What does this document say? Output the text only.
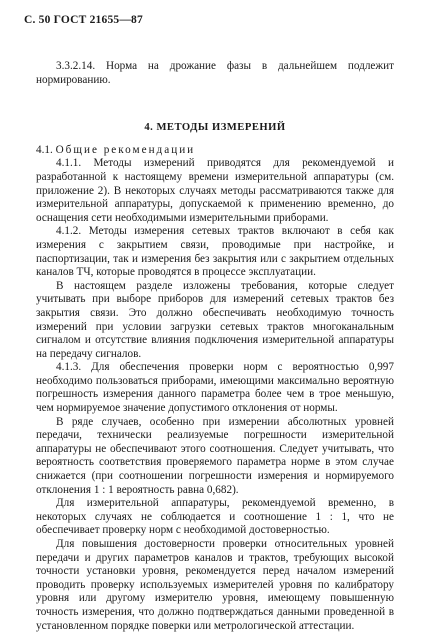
С. 50 ГОСТ 21655—87

3.3.2.14. Норма на дрожание фазы в дальнейшем подлежит нормированию.

4. МЕТОДЫ ИЗМЕРЕНИЙ

4.1. Общие рекомендации

4.1.1. Методы измерений приводятся для рекомендуемой и разработанной к настоящему времени измерительной аппаратуры (см. приложение 2). В некоторых случаях методы рассматриваются также для измерительной аппаратуры, допускаемой к применению временно, до оснащения сети необходимыми измерительными приборами.

4.1.2. Методы измерения сетевых трактов включают в себя как измерения с закрытием связи, проводимые при настройке, и паспортизации, так и измерения без закрытия или с закрытием отдельных каналов ТЧ, которые проводятся в процессе эксплуатации.

В настоящем разделе изложены требования, которые следует учитывать при выборе приборов для измерений сетевых трактов без закрытия связи. Это должно обеспечивать необходимую точность измерений при условии загрузки сетевых трактов многоканальным сигналом и отсутствие влияния подключения измерительной аппаратуры на передачу сигналов.

4.1.3. Для обеспечения проверки норм с вероятностью 0,997 необходимо пользоваться приборами, имеющими максимально вероятную погрешность измерения данного параметра более чем в трое меньшую, чем нормируемое значение допустимого отклонения от нормы.

В ряде случаев, особенно при измерении абсолютных уровней передачи, технически реализуемые погрешности измерительной аппаратуры не обеспечивают этого соотношения. Следует учитывать, что вероятность соответствия проверяемого параметра норме в этом случае снижается (при соотношении погрешности измерения и нормируемого отклонения 1 : 1 вероятность равна 0,682).

Для измерительной аппаратуры, рекомендуемой временно, в некоторых случаях не соблюдается и соотношение 1 : 1, что не обеспечивает проверку норм с необходимой достоверностью.

Для повышения достоверности проверки относительных уровней передачи и других параметров каналов и трактов, требующих высокой точности установки уровня, рекомендуется перед началом измерений проводить проверку используемых измерителей уровня по калибратору уровня или другому измерителю уровня, имеющему повышенную точность измерения, что должно подтверждаться данными проведенной в установленном порядке поверки или метрологической аттестации.
